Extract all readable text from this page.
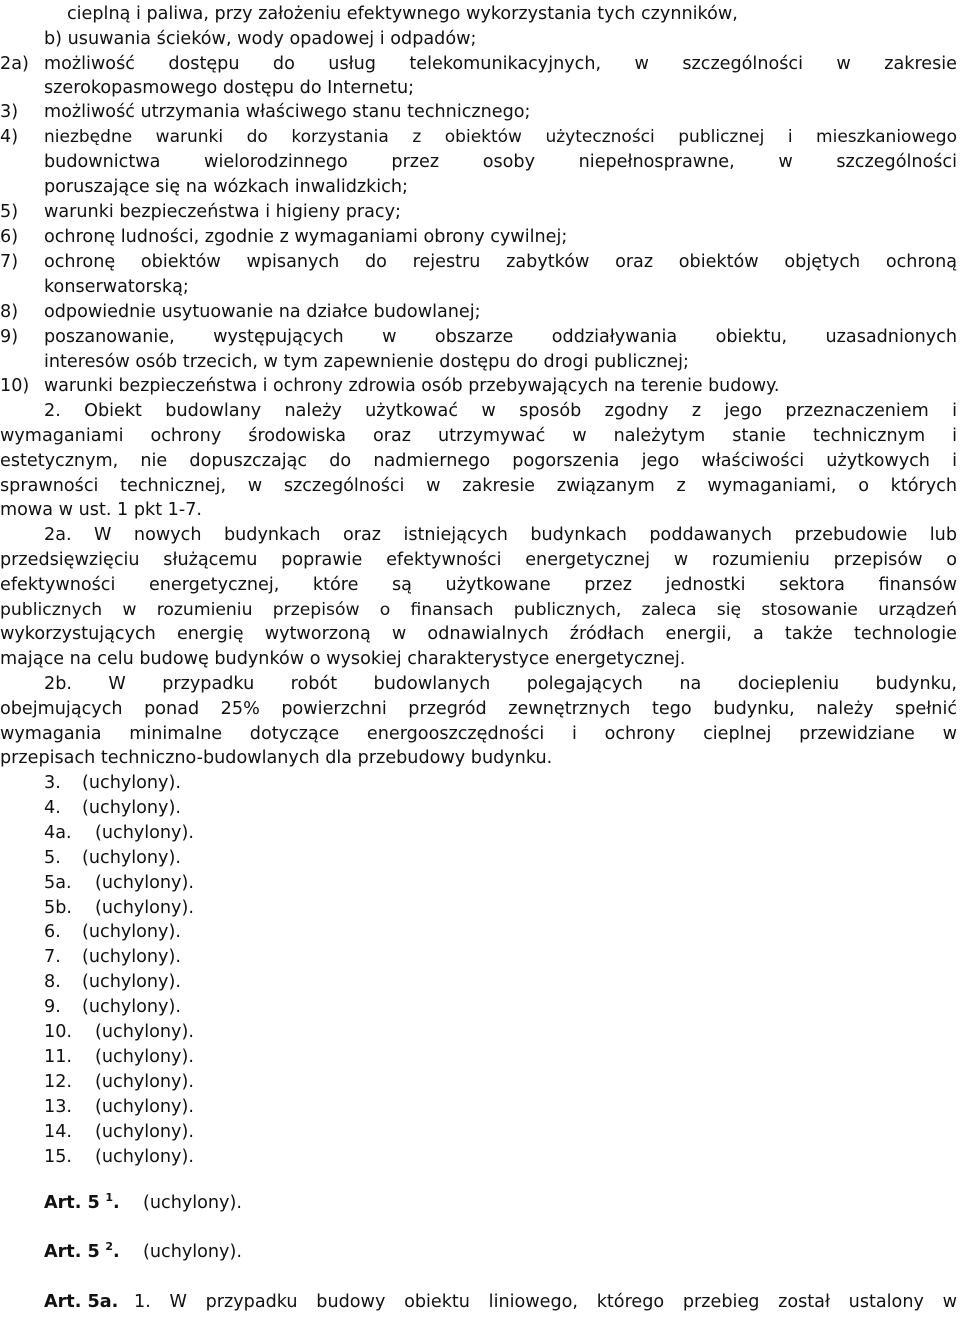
cieplną i paliwa, przy założeniu efektywnego wykorzystania tych czynników,
b) usuwania ścieków, wody opadowej i odpadów;
2a) możliwość dostępu do usług telekomunikacyjnych, w szczególności w zakresie
szerokopasmowego dostępu do Internetu;
3) możliwość utrzymania właściwego stanu technicznego;
4) niezbędne warunki do korzystania z obiektów użyteczności publicznej i mieszkaniowego
budownictwa wielorodzinnego przez osoby niepełnosprawne, w szczególności
poruszające się na wózkach inwalidzkich;
5) warunki bezpieczeństwa i higieny pracy;
6) ochronę ludności, zgodnie z wymaganiami obrony cywilnej;
7) ochronę obiektów wpisanych do rejestru zabytków oraz obiektów objętych ochroną
konserwatorską;
8) odpowiednie usytuowanie na działce budowlanej;
9) poszanowanie, występujących w obszarze oddziaływania obiektu, uzasadnionych
interesów osób trzecich, w tym zapewnienie dostępu do drogi publicznej;
10) warunki bezpieczeństwa i ochrony zdrowia osób przebywających na terenie budowy.
2. Obiekt budowlany należy użytkować w sposób zgodny z jego przeznaczeniem i
wymaganiami ochrony środowiska oraz utrzymywać w należytym stanie technicznym i
estetycznym, nie dopuszczając do nadmiernego pogorszenia jego właściwości użytkowych i
sprawności technicznej, w szczególności w zakresie związanym z wymaganiami, o których
mowa w ust. 1 pkt 1-7.
2a. W nowych budynkach oraz istniejących budynkach poddawanych przebudowie lub
przedsięwzięciu służącemu poprawie efektywności energetycznej w rozumieniu przepisów o
efektywności energetycznej, które są użytkowane przez jednostki sektora finansów
publicznych w rozumieniu przepisów o finansach publicznych, zaleca się stosowanie urządzeń
wykorzystujących energię wytworzoną w odnawialnych źródłach energii, a także technologie
mające na celu budowę budynków o wysokiej charakterystyce energetycznej.
2b. W przypadku robót budowlanych polegających na dociepleniu budynku,
obejmujących ponad 25% powierzchni przegród zewnętrznych tego budynku, należy spełnić
wymagania minimalne dotyczące energooszczędności i ochrony cieplnej przewidziane w
przepisach techniczno-budowlanych dla przebudowy budynku.
3. (uchylony).
4. (uchylony).
4a. (uchylony).
5. (uchylony).
5a. (uchylony).
5b. (uchylony).
6. (uchylony).
7. (uchylony).
8. (uchylony).
9. (uchylony).
10. (uchylony).
11. (uchylony).
12. (uchylony).
13. (uchylony).
14. (uchylony).
15. (uchylony).
Art. 5 $^1$. (uchylony).
Art. 5 $^2$. (uchylony).
Art. 5a. 1. W przypadku budowy obiektu liniowego, którego przebieg został ustalony w
